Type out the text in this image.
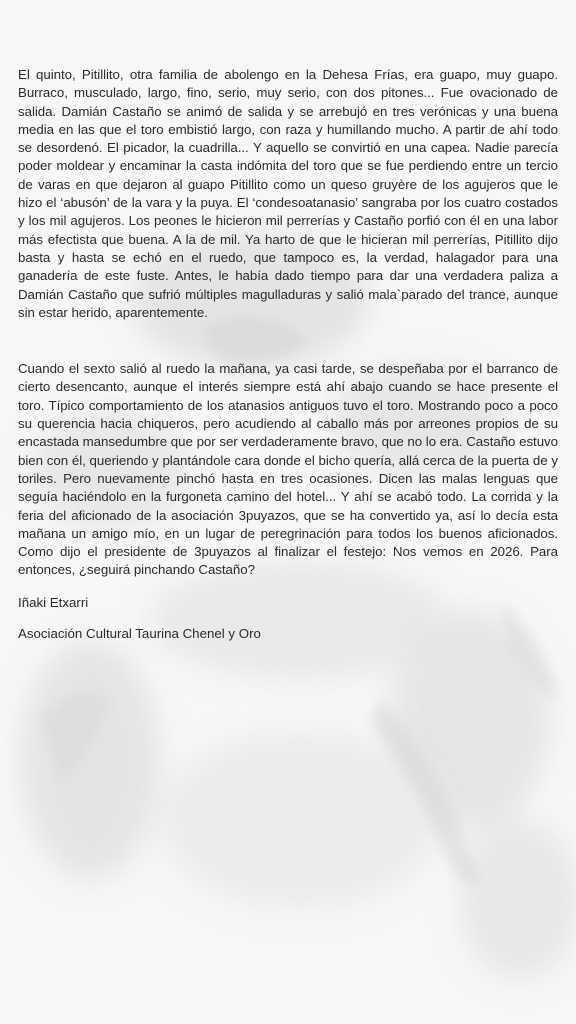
El quinto, Pitillito, otra familia de abolengo en la Dehesa Frías, era guapo, muy guapo. Burraco, musculado, largo, fino, serio, muy serio, con dos pitones... Fue ovacionado de salida. Damián Castaño se animó de salida y se arrebujó en tres verónicas y una buena media en las que el toro embistió largo, con raza y humillando mucho. A partir de ahí todo se desordenó. El picador, la cuadrilla... Y aquello se convirtió en una capea. Nadie parecía poder moldear y encaminar la casta indómita del toro que se fue perdiendo entre un tercio de varas en que dejaron al guapo Pitillito como un queso gruyère de los agujeros que le hizo el ‘abusón’ de la vara y la puya. El ‘condesoatanasio’ sangraba por los cuatro costados y los mil agujeros. Los peones le hicieron mil perrerías y Castaño porfió con él en una labor más efectista que buena. A la de mil. Ya harto de que le hicieran mil perrerías, Pitillito dijo basta y hasta se echó en el ruedo, que tampoco es, la verdad, halagador para una ganadería de este fuste. Antes, le había dado tiempo para dar una verdadera paliza a Damián Castaño que sufrió múltiples magulladuras y salió mala`parado del trance, aunque sin estar herido, aparentemente.

Cuando el sexto salió al ruedo la mañana, ya casi tarde, se despeñaba por el barranco de cierto desencanto, aunque el interés siempre está ahí abajo cuando se hace presente el toro. Típico comportamiento de los atanasios antiguos tuvo el toro. Mostrando poco a poco su querencia hacia chiqueros, pero acudiendo al caballo más por arreones propios de su encastada mansedumbre que por ser verdaderamente bravo, que no lo era. Castaño estuvo bien con él, queriendo y plantándole cara donde el bicho quería, allá cerca de la puerta de y toriles. Pero nuevamente pinchó hasta en tres ocasiones. Dicen las malas lenguas que seguía haciéndolo en la furgoneta camino del hotel... Y ahí se acabó todo. La corrida y la feria del aficionado de la asociación 3puyazos, que se ha convertido ya, así lo decía esta mañana un amigo mío, en un lugar de peregrinación para todos los buenos aficionados. Como dijo el presidente de 3puyazos al finalizar el festejo: Nos vemos en 2026. Para entonces, ¿seguirá pinchando Castaño?

Iñaki Etxarri

Asociación Cultural Taurina Chenel y Oro
